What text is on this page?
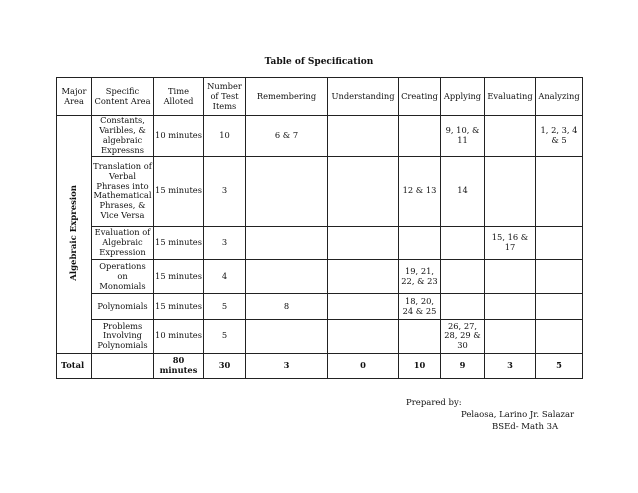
Table of Specification
Major Area	Specific Content Area	Time Alloted	Number of Test Items	Remembering	Understanding	Creating	Applying	Evaluating	Analyzing
Algebraic Expresion	Constants, Varibles, & algebraic Expressns	10 minutes	10	6 & 7			9, 10, & 11		1, 2, 3, 4 & 5
	Translation of Verbal Phrases into Mathematical Phrases, & Vice Versa	15 minutes	3			12 & 13	14		
	Evaluation of Algebraic Expression	15 minutes	3					15, 16 & 17	
	Operations on Monomials	15 minutes	4			19, 21, 22, & 23			
	Polynomials	15 minutes	5	8		18, 20, 24 & 25			
	Problems Involving Polynomials	10 minutes	5				26, 27, 28, 29 & 30		
Total		80 minutes	30	3	0	10	9	3	5
Prepared by:
Pelaosa, Larino Jr. Salazar
BSEd- Math 3A
